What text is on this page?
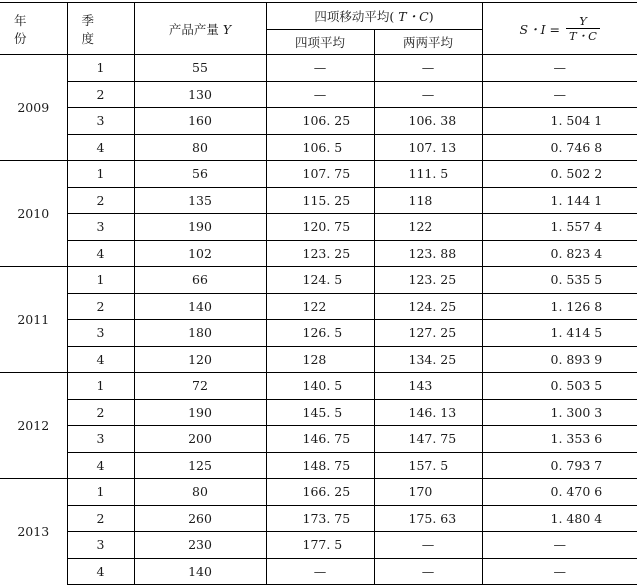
年 份	季 度	产品产量 Y	四项移动平均( T・C)		S・$I = \frac{Y}{T・C}$

			四项平均	两两平均	
2009	1	55	—	—	—
	2	130	—	—	—
	3	160	106. 25	106. 38	1. 504 1
	4	80	106. 5	107. 13	0. 746 8
2010	1	56	107. 75	111. 5	0. 502 2
	2	135	115. 25	118	1. 144 1
	3	190	120. 75	122	1. 557 4
	4	102	123. 25	123. 88	0. 823 4
2011	1	66	124. 5	123. 25	0. 535 5
	2	140	122	124. 25	1. 126 8
	3	180	126. 5	127. 25	1. 414 5
	4	120	128	134. 25	0. 893 9
2012	1	72	140. 5	143	0. 503 5
	2	190	145. 5	146. 13	1. 300 3
	3	200	146. 75	147. 75	1. 353 6
	4	125	148. 75	157. 5	0. 793 7
2013	1	80	166. 25	170	0. 470 6
	2	260	173. 75	175. 63	1. 480 4
	3	230	177. 5	—	—
	4	140	—	—	—
